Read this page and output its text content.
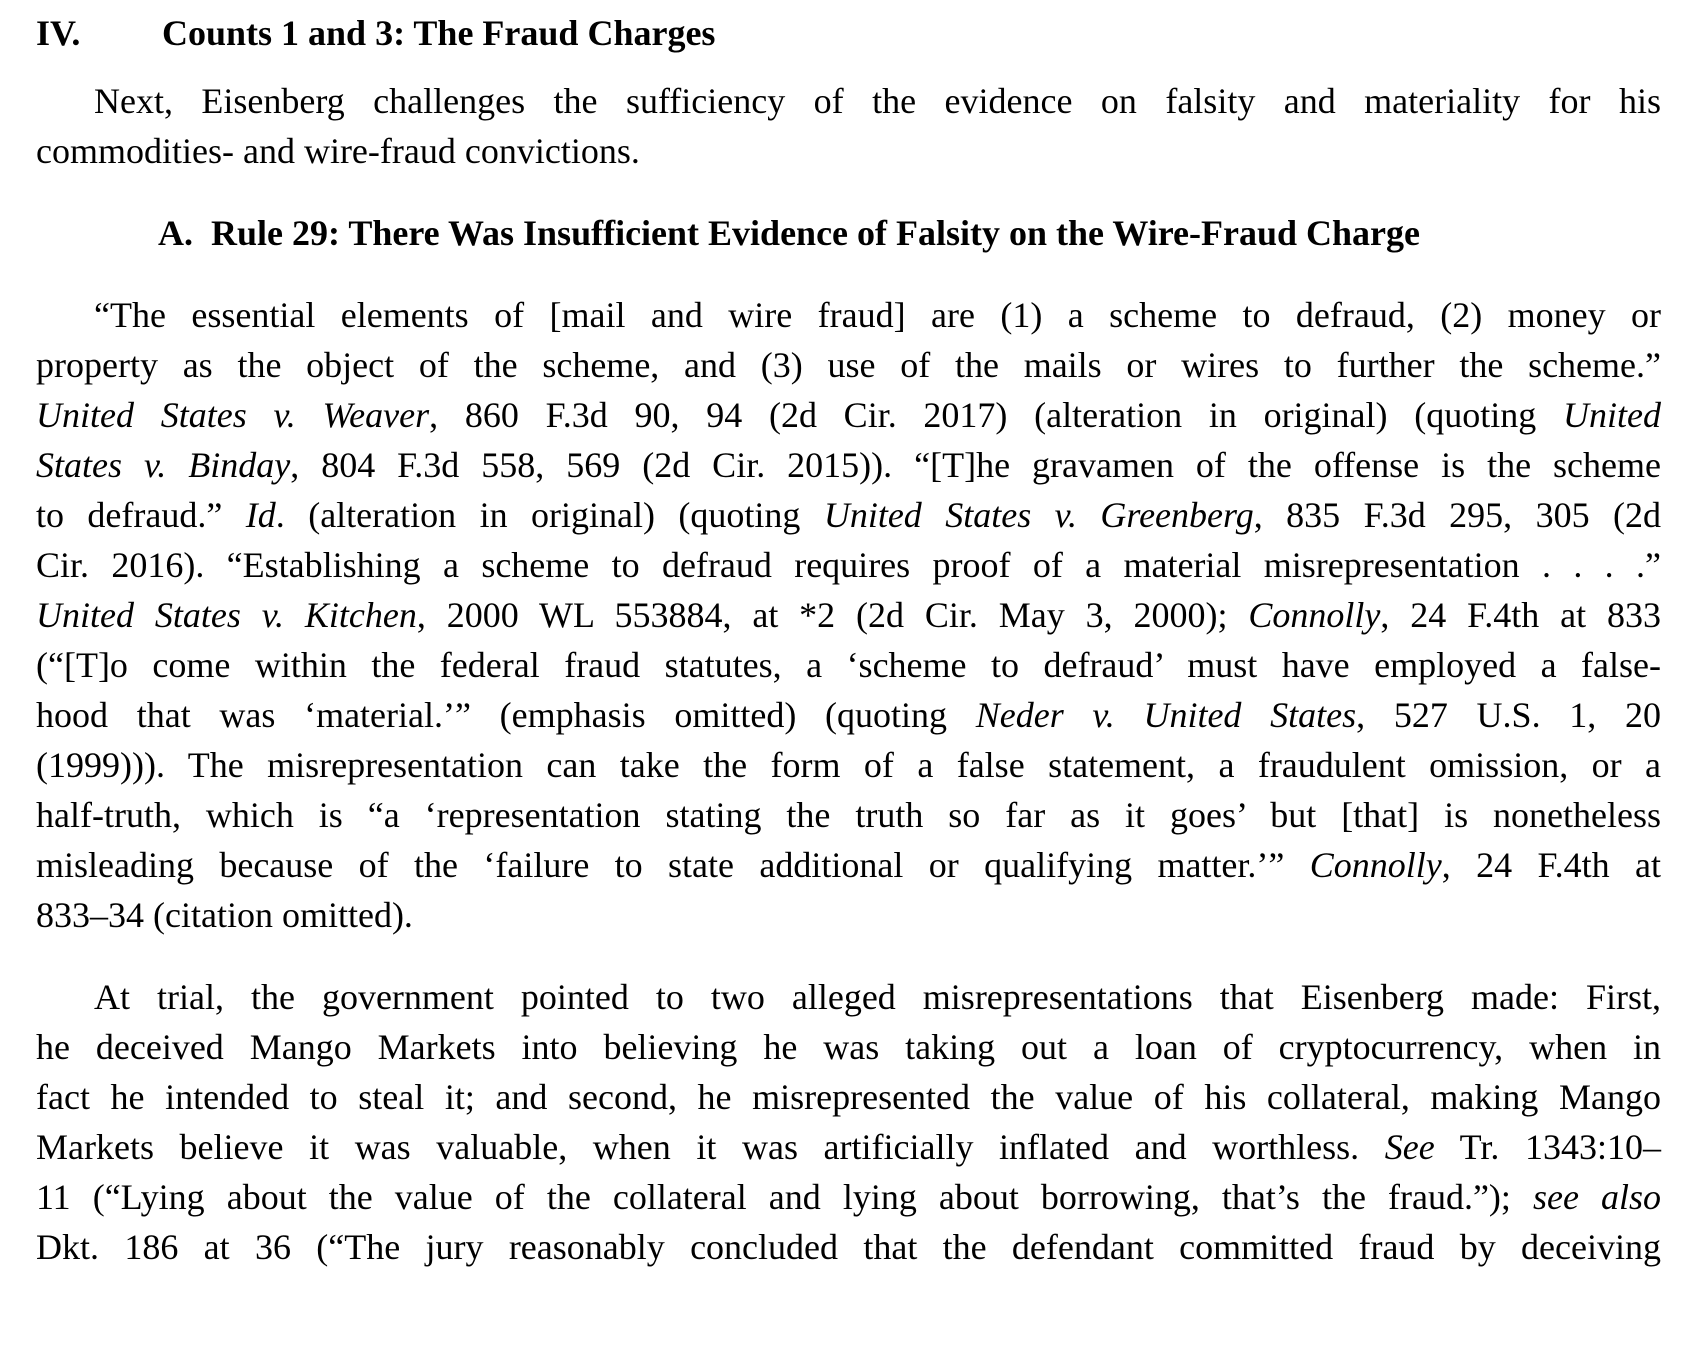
IV.	Counts 1 and 3: The Fraud Charges
Next, Eisenberg challenges the sufficiency of the evidence on falsity and materiality for his
commodities- and wire-fraud convictions.
A. Rule 29: There Was Insufficient Evidence of Falsity on the Wire-Fraud Charge
“The essential elements of [mail and wire fraud] are (1) a scheme to defraud, (2) money or
property as the object of the scheme, and (3) use of the mails or wires to further the scheme.”
United States v. Weaver, 860 F.3d 90, 94 (2d Cir. 2017) (alteration in original) (quoting United
States v. Binday, 804 F.3d 558, 569 (2d Cir. 2015)). “[T]he gravamen of the offense is the scheme
to defraud.” Id. (alteration in original) (quoting United States v. Greenberg, 835 F.3d 295, 305 (2d
Cir. 2016). “Establishing a scheme to defraud requires proof of a material misrepresentation . . . .”
United States v. Kitchen, 2000 WL 553884, at *2 (2d Cir. May 3, 2000); Connolly, 24 F.4th at 833
(“[T]o come within the federal fraud statutes, a ‘scheme to defraud’ must have employed a false-
hood that was ‘material.’” (emphasis omitted) (quoting Neder v. United States, 527 U.S. 1, 20
(1999))). The misrepresentation can take the form of a false statement, a fraudulent omission, or a
half-truth, which is “a ‘representation stating the truth so far as it goes’ but [that] is nonetheless
misleading because of the ‘failure to state additional or qualifying matter.’” Connolly, 24 F.4th at
833–34 (citation omitted).
At trial, the government pointed to two alleged misrepresentations that Eisenberg made: First,
he deceived Mango Markets into believing he was taking out a loan of cryptocurrency, when in
fact he intended to steal it; and second, he misrepresented the value of his collateral, making Mango
Markets believe it was valuable, when it was artificially inflated and worthless. See Tr. 1343:10–
11 (“Lying about the value of the collateral and lying about borrowing, that’s the fraud.”); see also
Dkt. 186 at 36 (“The jury reasonably concluded that the defendant committed fraud by deceiving
